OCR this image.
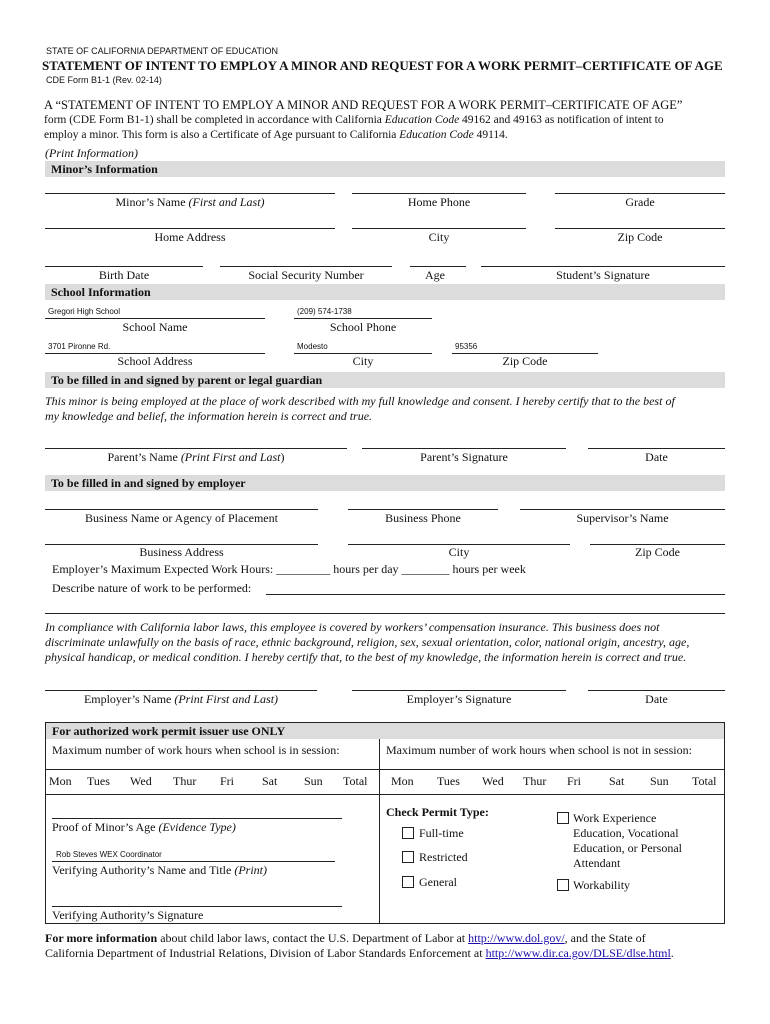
STATE OF CALIFORNIA DEPARTMENT OF EDUCATION
STATEMENT OF INTENT TO EMPLOY A MINOR AND REQUEST FOR A WORK PERMIT–CERTIFICATE OF AGE
CDE Form B1-1 (Rev. 02-14)
A “STATEMENT OF INTENT TO EMPLOY A MINOR AND REQUEST FOR A WORK PERMIT–CERTIFICATE OF AGE”
form (CDE Form B1-1) shall be completed in accordance with California Education Code 49162 and 49163 as notification of intent to
employ a minor. This form is also a Certificate of Age pursuant to California Education Code 49114.
(Print Information)
Minor’s Information
Minor’s Name (First and Last)	Home Phone	Grade
Home Address	City	Zip Code
Birth Date	Social Security Number	Age	Student’s Signature
School Information
Gregori High School	(209) 574-1738
School Name	School Phone
3701 Pironne Rd.	Modesto	95356
School Address	City	Zip Code
To be filled in and signed by parent or legal guardian
This minor is being employed at the place of work described with my full knowledge and consent. I hereby certify that to the best of
my knowledge and belief, the information herein is correct and true.
Parent’s Name (Print First and Last)	Parent’s Signature	Date
To be filled in and signed by employer
Business Name or Agency of Placement	Business Phone	Supervisor’s Name
Business Address	City	Zip Code
Employer’s Maximum Expected Work Hours: _________ hours per day ________ hours per week
Describe nature of work to be performed:
In compliance with California labor laws, this employee is covered by workers’ compensation insurance. This business does not
discriminate unlawfully on the basis of race, ethnic background, religion, sex, sexual orientation, color, national origin, ancestry, age,
physical handicap, or medical condition. I hereby certify that, to the best of my knowledge, the information herein is correct and true.
Employer’s Name (Print First and Last)	Employer’s Signature	Date
For authorized work permit issuer use ONLY
Maximum number of work hours when school is in session:	Maximum number of work hours when school is not in session:
Mon Tues Wed Thur Fri Sat Sun Total Mon Tues Wed Thur Fri Sat Sun Total
Proof of Minor’s Age (Evidence Type)
Rob Steves WEX Coordinator
Verifying Authority’s Name and Title (Print)
Verifying Authority’s Signature
Check Permit Type:
Full-time
Restricted
General
Work Experience
Education, Vocational
Education, or Personal
Attendant
Workability
For more information about child labor laws, contact the U.S. Department of Labor at http://www.dol.gov/, and the State of
California Department of Industrial Relations, Division of Labor Standards Enforcement at http://www.dir.ca.gov/DLSE/dlse.html.
